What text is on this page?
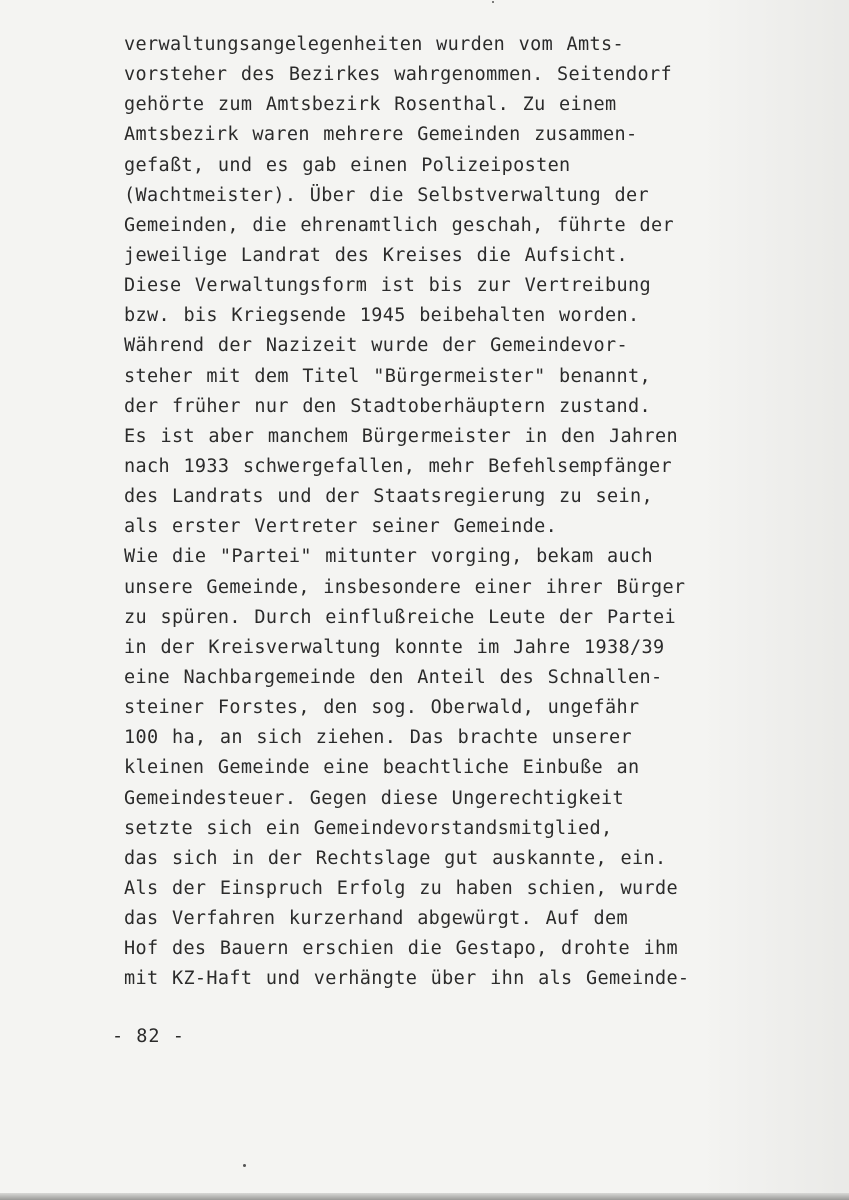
verwaltungsangelegenheiten wurden vom Amts-
vorsteher des Bezirkes wahrgenommen. Seitendorf
gehörte zum Amtsbezirk Rosenthal. Zu einem
Amtsbezirk waren mehrere Gemeinden zusammen-
gefaßt, und es gab einen Polizeiposten
(Wachtmeister). Über die Selbstverwaltung der
Gemeinden, die ehrenamtlich geschah, führte der
jeweilige Landrat des Kreises die Aufsicht.
Diese Verwaltungsform ist bis zur Vertreibung
bzw. bis Kriegsende 1945 beibehalten worden.
Während der Nazizeit wurde der Gemeindevor-
steher mit dem Titel "Bürgermeister" benannt,
der früher nur den Stadtoberhäuptern zustand.
Es ist aber manchem Bürgermeister in den Jahren
nach 1933 schwergefallen, mehr Befehlsempfänger
des Landrats und der Staatsregierung zu sein,
als erster Vertreter seiner Gemeinde.
Wie die "Partei" mitunter vorging, bekam auch
unsere Gemeinde, insbesondere einer ihrer Bürger
zu spüren. Durch einflußreiche Leute der Partei
in der Kreisverwaltung konnte im Jahre 1938/39
eine Nachbargemeinde den Anteil des Schnallen-
steiner Forstes, den sog. Oberwald, ungefähr
100 ha, an sich ziehen. Das brachte unserer
kleinen Gemeinde eine beachtliche Einbuße an
Gemeindesteuer. Gegen diese Ungerechtigkeit
setzte sich ein Gemeindevorstandsmitglied,
das sich in der Rechtslage gut auskannte, ein.
Als der Einspruch Erfolg zu haben schien, wurde
das Verfahren kurzerhand abgewürgt. Auf dem
Hof des Bauern erschien die Gestapo, drohte ihm
mit KZ-Haft und verhängte über ihn als Gemeinde-
- 82 -
